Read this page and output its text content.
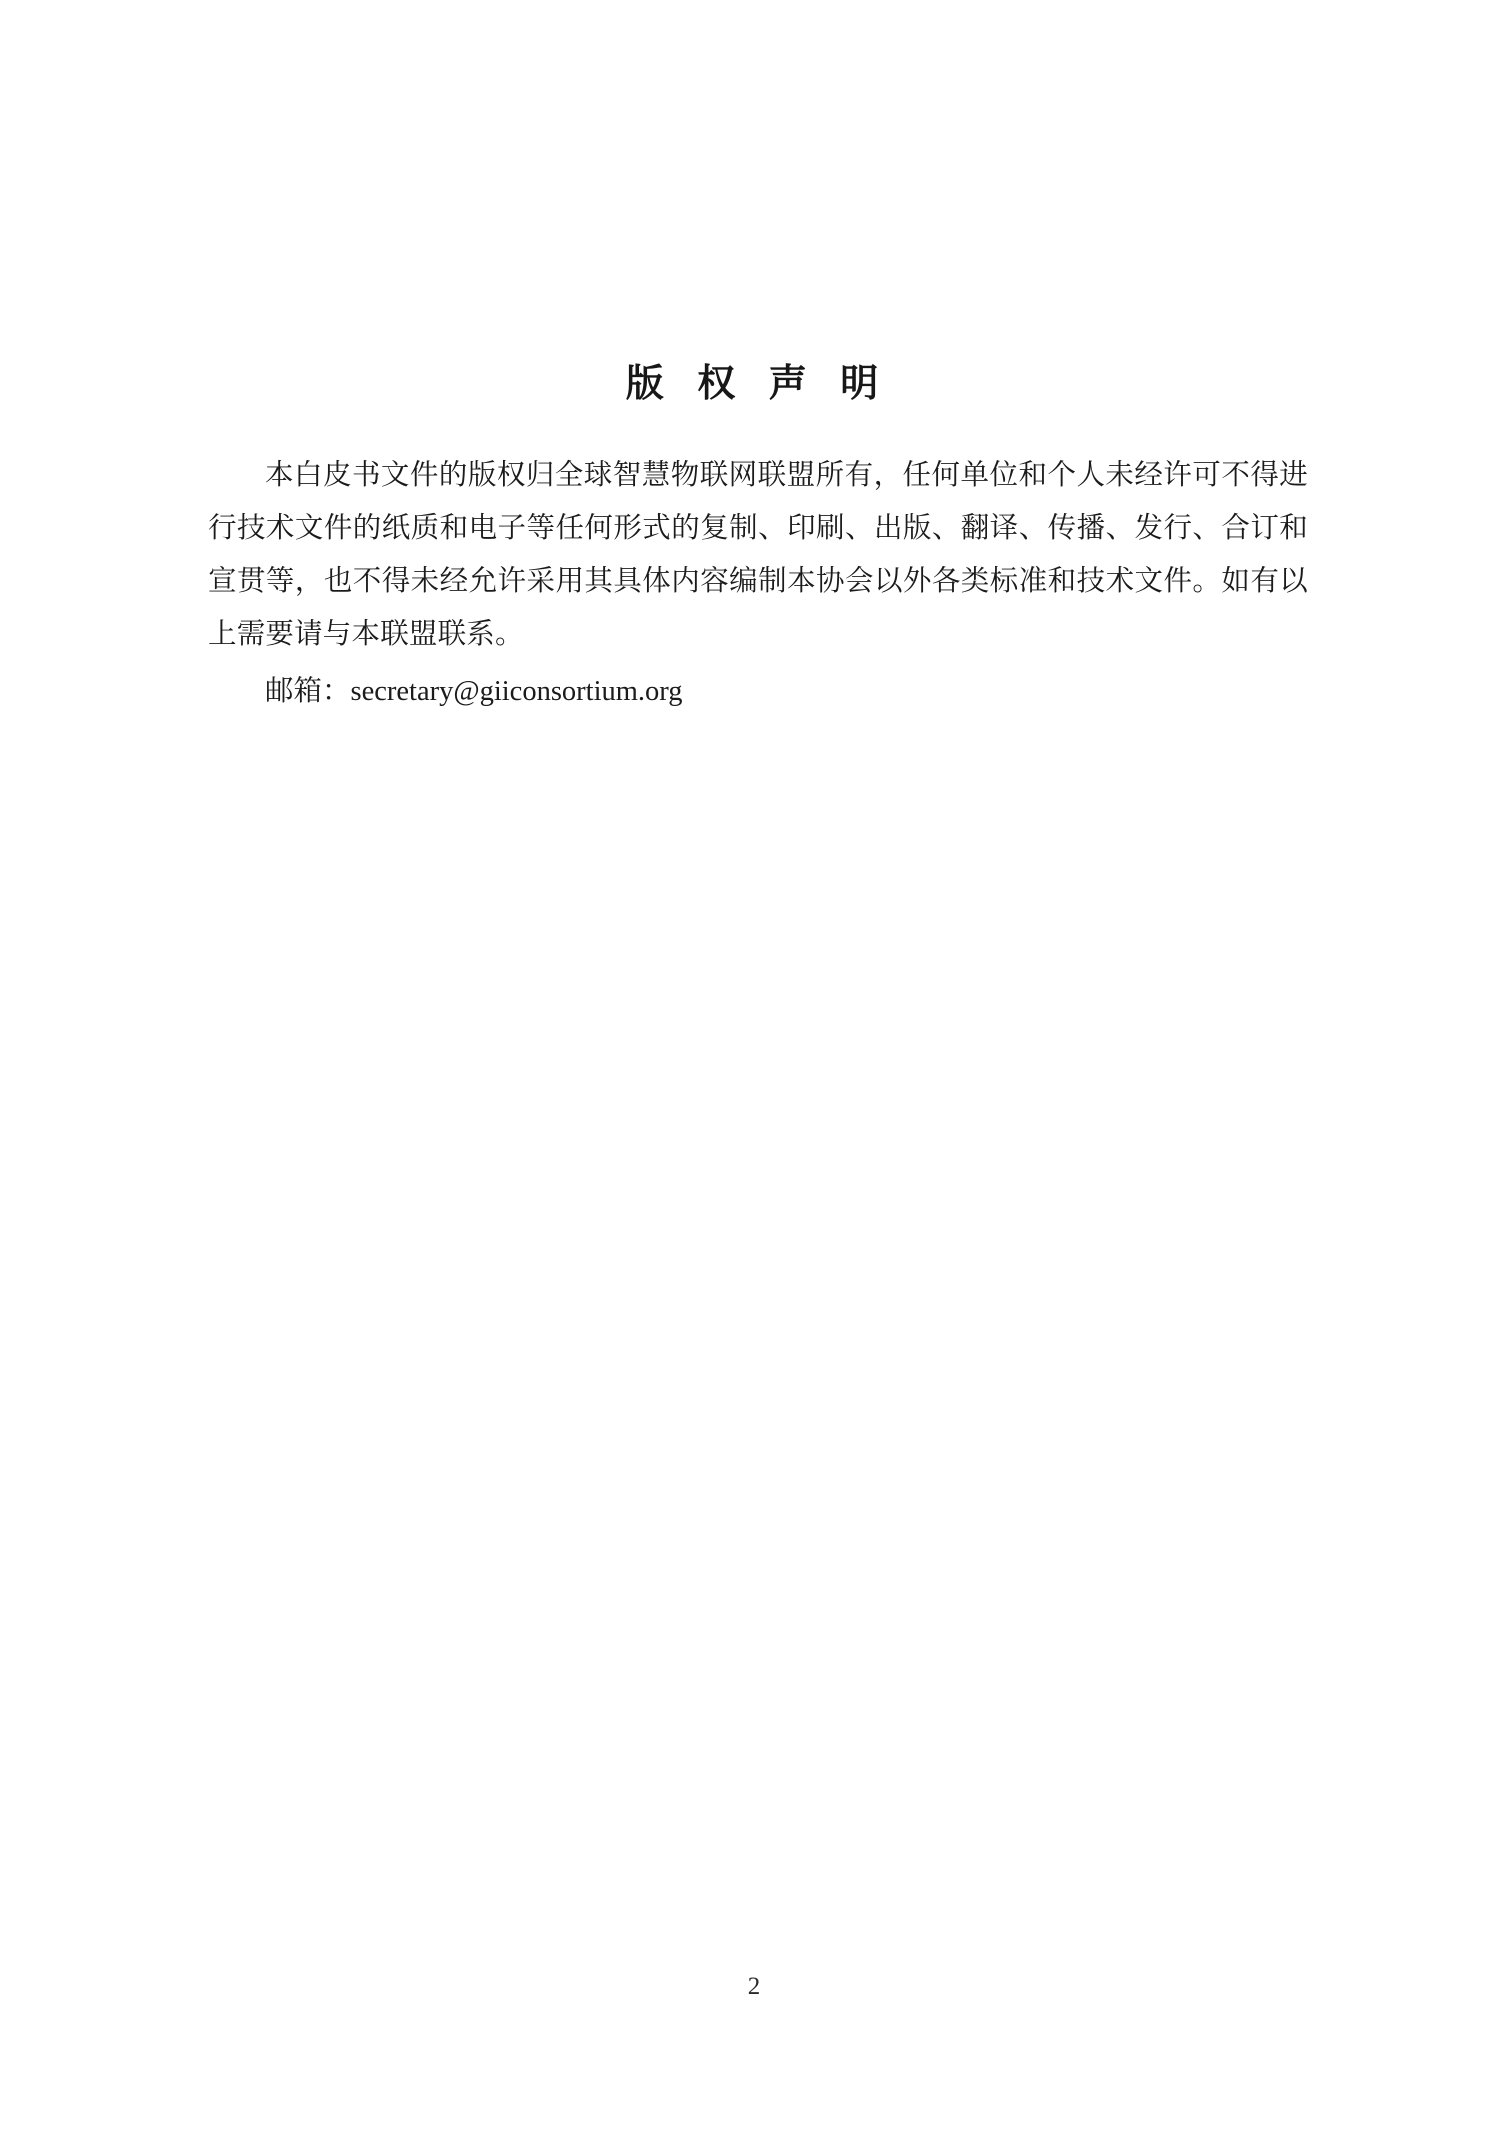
版 权 声 明

本白皮书文件的版权归全球智慧物联网联盟所有，任何单位和个人未经许可不得进行技术文件的纸质和电子等任何形式的复制、印刷、出版、翻译、传播、发行、合订和宣贯等，也不得未经允许采用其具体内容编制本协会以外各类标准和技术文件。如有以上需要请与本联盟联系。

邮箱：secretary@giiconsortium.org

2
